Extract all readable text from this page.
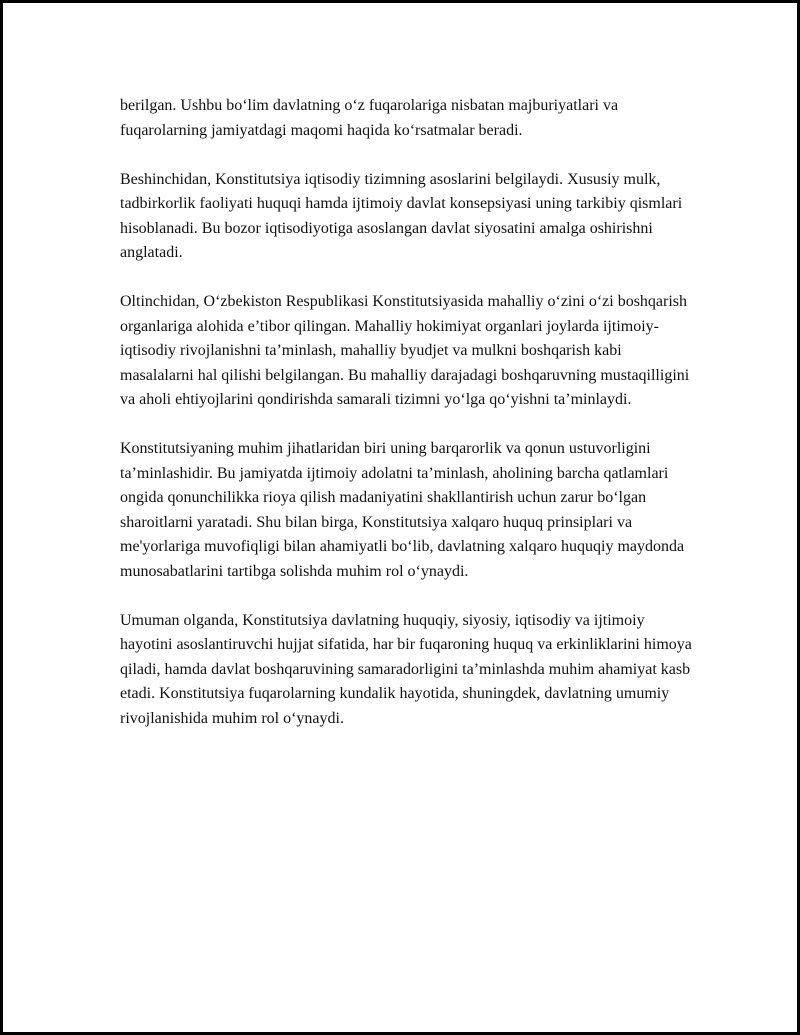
berilgan. Ushbu bo‘lim davlatning o‘z fuqarolariga nisbatan majburiyatlari va fuqarolarning jamiyatdagi maqomi haqida ko‘rsatmalar beradi.

Beshinchidan, Konstitutsiya iqtisodiy tizimning asoslarini belgilaydi. Xususiy mulk, tadbirkorlik faoliyati huquqi hamda ijtimoiy davlat konsepsiyasi uning tarkibiy qismlari hisoblanadi. Bu bozor iqtisodiyotiga asoslangan davlat siyosatini amalga oshirishni anglatadi.

Oltinchidan, O‘zbekiston Respublikasi Konstitutsiyasida mahalliy o‘zini o‘zi boshqarish organlariga alohida e’tibor qilingan. Mahalliy hokimiyat organlari joylarda ijtimoiy-iqtisodiy rivojlanishni ta’minlash, mahalliy byudjet va mulkni boshqarish kabi masalalarni hal qilishi belgilangan. Bu mahalliy darajadagi boshqaruvning mustaqilligini va aholi ehtiyojlarini qondirishda samarali tizimni yo‘lga qo‘yishni ta’minlaydi.

Konstitutsiyaning muhim jihatlaridan biri uning barqarorlik va qonun ustuvorligini ta’minlashidir. Bu jamiyatda ijtimoiy adolatni ta’minlash, aholining barcha qatlamlari ongida qonunchilikka rioya qilish madaniyatini shakllantirish uchun zarur bo‘lgan sharoitlarni yaratadi. Shu bilan birga, Konstitutsiya xalqaro huquq prinsiplari va me'yorlariga muvofiqligi bilan ahamiyatli bo‘lib, davlatning xalqaro huquqiy maydonda munosabatlarini tartibga solishda muhim rol o‘ynaydi.

Umuman olganda, Konstitutsiya davlatning huquqiy, siyosiy, iqtisodiy va ijtimoiy hayotini asoslantiruvchi hujjat sifatida, har bir fuqaroning huquq va erkinliklarini himoya qiladi, hamda davlat boshqaruvining samaradorligini ta’minlashda muhim ahamiyat kasb etadi. Konstitutsiya fuqarolarning kundalik hayotida, shuningdek, davlatning umumiy rivojlanishida muhim rol o‘ynaydi.
